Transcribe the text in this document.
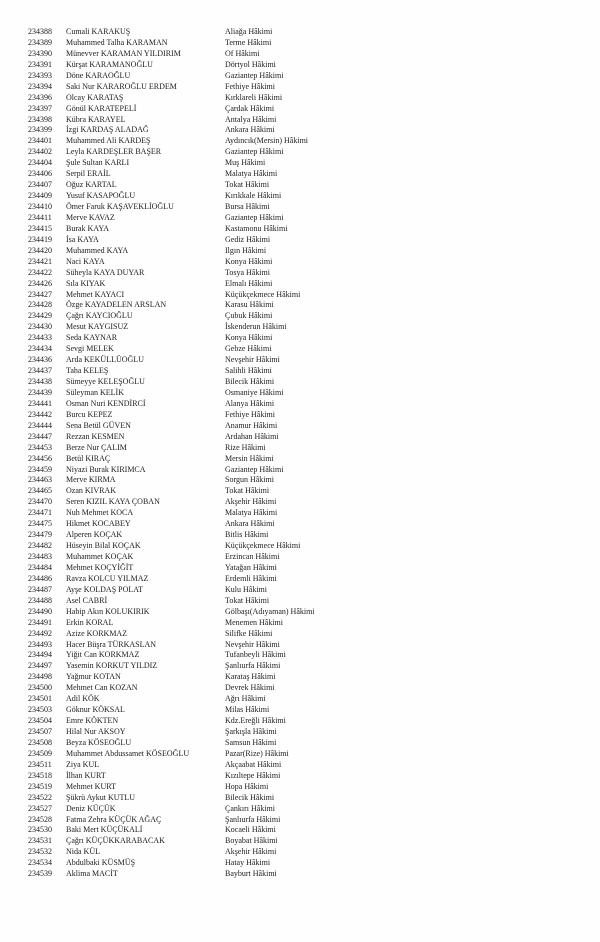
234388	Cumali KARAKUŞ	Aliağa Hâkimi
234389	Muhammed Talha KARAMAN	Terme Hâkimi
234390	Münevver KARAMAN YILDIRIM	Of Hâkimi
234391	Kürşat KARAMANOĞLU	Dörtyol Hâkimi
234393	Döne KARAOĞLU	Gaziantep Hâkimi
234394	Saki Nur KARAROĞLU ERDEM	Fethiye Hâkimi
234396	Olcay KARATAŞ	Kırklareli Hâkimi
234397	Gönül KARATEPELİ	Çardak Hâkimi
234398	Kübra KARAYEL	Antalya Hâkimi
234399	İzgi KARDAŞ ALADAĞ	Ankara Hâkimi
234401	Muhammed Ali KARDEŞ	Aydıncık(Mersin) Hâkimi
234402	Leyla KARDEŞLER BAŞER	Gaziantep Hâkimi
234404	Şule Sultan KARLI	Muş Hâkimi
234406	Serpil ERAİL	Malatya Hâkimi
234407	Oğuz KARTAL	Tokat Hâkimi
234409	Yusuf KASAPOĞLU	Kırıkkale Hâkimi
234410	Ömer Faruk KAŞAVEKLİOĞLU	Bursa Hâkimi
234411	Merve KAVAZ	Gaziantep Hâkimi
234415	Burak KAYA	Kastamonu Hâkimi
234419	İsa KAYA	Gediz Hâkimi
234420	Muhammed KAYA	Ilgın Hâkimi
234421	Naci KAYA	Konya Hâkimi
234422	Süheyla KAYA DUYAR	Tosya Hâkimi
234426	Sıla KIYAK	Elmalı Hâkimi
234427	Mehmet KAYACI	Küçükçekmece Hâkimi
234428	Özge KAYADELEN ARSLAN	Karasu Hâkimi
234429	Çağrı KAYCIOĞLU	Çubuk Hâkimi
234430	Mesut KAYGISUZ	İskenderun Hâkimi
234433	Seda KAYNAR	Konya Hâkimi
234434	Sevgi MELEK	Gebze Hâkimi
234436	Arda KEKÜLLÜOĞLU	Nevşehir Hâkimi
234437	Taha KELEŞ	Salihli Hâkimi
234438	Sümeyye KELEŞOĞLU	Bilecik Hâkimi
234439	Süleyman KELİK	Osmaniye Hâkimi
234441	Osman Nuri KENDİRCİ	Alanya Hâkimi
234442	Burcu KEPEZ	Fethiye Hâkimi
234444	Sena Betül GÜVEN	Anamur Hâkimi
234447	Rezzan KESMEN	Ardahan Hâkimi
234453	Berze Nur ÇALIM	Rize Hâkimi
234456	Betül KIRAÇ	Mersin Hâkimi
234459	Niyazi Burak KIRIMCA	Gaziantep Hâkimi
234463	Merve KIRMA	Sorgun Hâkimi
234465	Ozan KIVRAK	Tokat Hâkimi
234470	Seren KIZIL KAYA ÇOBAN	Akşehir Hâkimi
234471	Nuh Mehmet KOCA	Malatya Hâkimi
234475	Hikmet KOCABEY	Ankara Hâkimi
234479	Alperen KOÇAK	Bitlis Hâkimi
234482	Hüseyin Bilal KOÇAK	Küçükçekmece Hâkimi
234483	Muhammet KOÇAK	Erzincan Hâkimi
234484	Mehmet KOÇYİĞİT	Yatağan Hâkimi
234486	Ravza KOLCU YILMAZ	Erdemli Hâkimi
234487	Ayşe KOLDAŞ POLAT	Kulu Hâkimi
234488	Asel CABRİ	Tokat Hâkimi
234490	Habip Akın KOLUKIRIK	Gölbaşı(Adıyaman) Hâkimi
234491	Erkin KORAL	Menemen Hâkimi
234492	Azize KORKMAZ	Silifke Hâkimi
234493	Hacer Büşra TÜRKASLAN	Nevşehir Hâkimi
234494	Yiğit Can KORKMAZ	Tufanbeyli Hâkimi
234497	Yasemin KORKUT YILDIZ	Şanlıurfa Hâkimi
234498	Yağmur KOTAN	Karataş Hâkimi
234500	Mehmet Can KOZAN	Devrek Hâkimi
234501	Adil KÖK	Ağrı Hâkimi
234503	Göknur KÖKSAL	Milas Hâkimi
234504	Emre KÖKTEN	Kdz.Ereğli Hâkimi
234507	Hilal Nur AKSOY	Şarkışla Hâkimi
234508	Beyza KÖSEOĞLU	Samsun Hâkimi
234509	Muhammet Abdussamet KÖSEOĞLU	Pazar(Rize) Hâkimi
234511	Ziya KUL	Akçaabat Hâkimi
234518	İlhan KURT	Kızıltepe Hâkimi
234519	Mehmet KURT	Hopa Hâkimi
234522	Şükrü Aykut KUTLU	Bilecik Hâkimi
234527	Deniz KÜÇÜK	Çankırı Hâkimi
234528	Fatma Zehra KÜÇÜK AĞAÇ	Şanlıurfa Hâkimi
234530	Baki Mert KÜÇÜKALİ	Kocaeli Hâkimi
234531	Çağrı KÜÇÜKKARABACAK	Boyabat Hâkimi
234532	Nida KÜL	Akşehir Hâkimi
234534	Abdulbaki KÜSMÜŞ	Hatay Hâkimi
234539	Aklima MACİT	Bayburt Hâkimi
